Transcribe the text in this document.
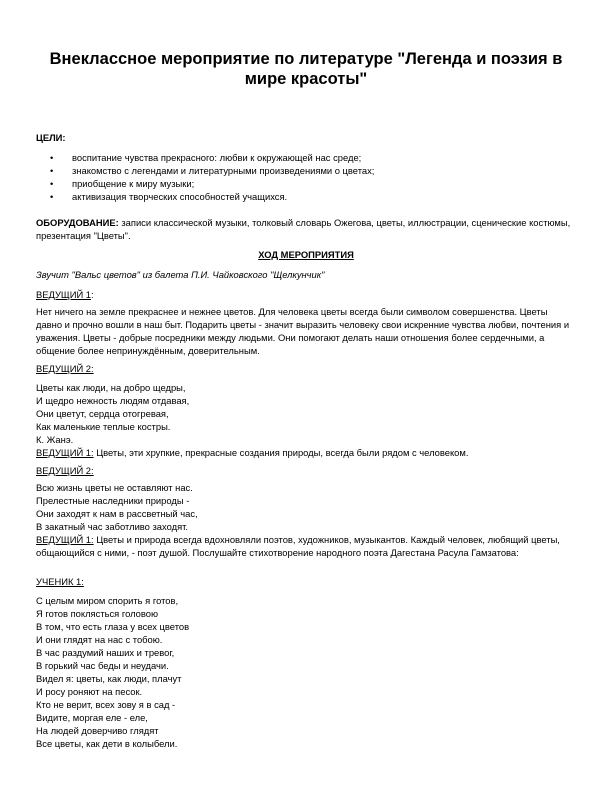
Внеклассное мероприятие по литературе "Легенда и поэзия в мире красоты"
ЦЕЛИ:
• воспитание чувства прекрасного: любви к окружающей нас среде;
• знакомство с легендами и литературными произведениями о цветах;
• приобщение к миру музыки;
• активизация творческих способностей учащихся.
ОБОРУДОВАНИЕ: записи классической музыки, толковый словарь Ожегова, цветы, иллюстрации, сценические костюмы, презентация "Цветы".
ХОД МЕРОПРИЯТИЯ
Звучит "Вальс цветов" из балета П.И. Чайковского "Щелкунчик"
ВЕДУЩИЙ 1:
Нет ничего на земле прекраснее и нежнее цветов. Для человека цветы всегда были символом совершенства. Цветы давно и прочно вошли в наш быт. Подарить цветы - значит выразить человеку свои искренние чувства любви, почтения и уважения. Цветы - добрые посредники между людьми. Они помогают делать наши отношения более сердечными, а общение более непринуждённым, доверительным.
ВЕДУЩИЙ 2:
Цветы как люди, на добро щедры,
И щедро нежность людям отдавая,
Они цветут, сердца отогревая,
Как маленькие теплые костры.
К. Жанэ.
ВЕДУЩИЙ 1: Цветы, эти хрупкие, прекрасные создания природы, всегда были рядом с человеком.
ВЕДУЩИЙ 2:
Всю жизнь цветы не оставляют нас.
Прелестные наследники природы -
Они заходят к нам в рассветный час,
В закатный час заботливо заходят.
ВЕДУЩИЙ 1: Цветы и природа всегда вдохновляли поэтов, художников, музыкантов. Каждый человек, любящий цветы, общающийся с ними, - поэт душой. Послушайте стихотворение народного поэта Дагестана Расула Гамзатова:
УЧЕНИК 1:
С целым миром спорить я готов,
Я готов поклясться головою
В том, что есть глаза у всех цветов
И они глядят на нас с тобою.
В час раздумий наших и тревог,
В горький час беды и неудачи.
Видел я: цветы, как люди, плачут
И росу роняют на песок.
Кто не верит, всех зову я в сад -
Видите, моргая еле - еле,
На людей доверчиво глядят
Все цветы, как дети в колыбели.
